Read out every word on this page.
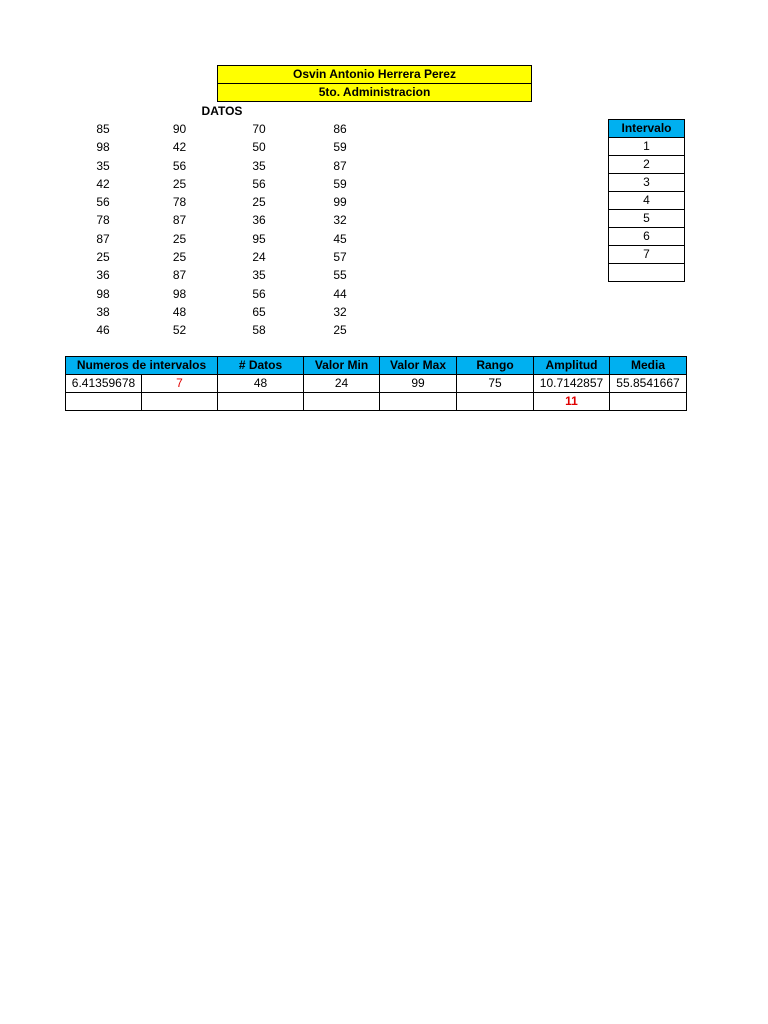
Osvin Antonio Herrera Perez
5to. Administracion
DATOS
85	90	70	86
98	42	50	59
35	56	35	87
42	25	56	59
56	78	25	99
78	87	36	32
87	25	95	45
25	25	24	57
36	87	35	55
98	98	56	44
38	48	65	32
46	52	58	25
Intervalo
1
2
3
4
5
6
7

Numeros de intervalos		# Datos	Valor Min	Valor Max	Rango	Amplitud	Media
6.41359678	7	48	24	99	75	10.7142857	55.8541667
						11	
